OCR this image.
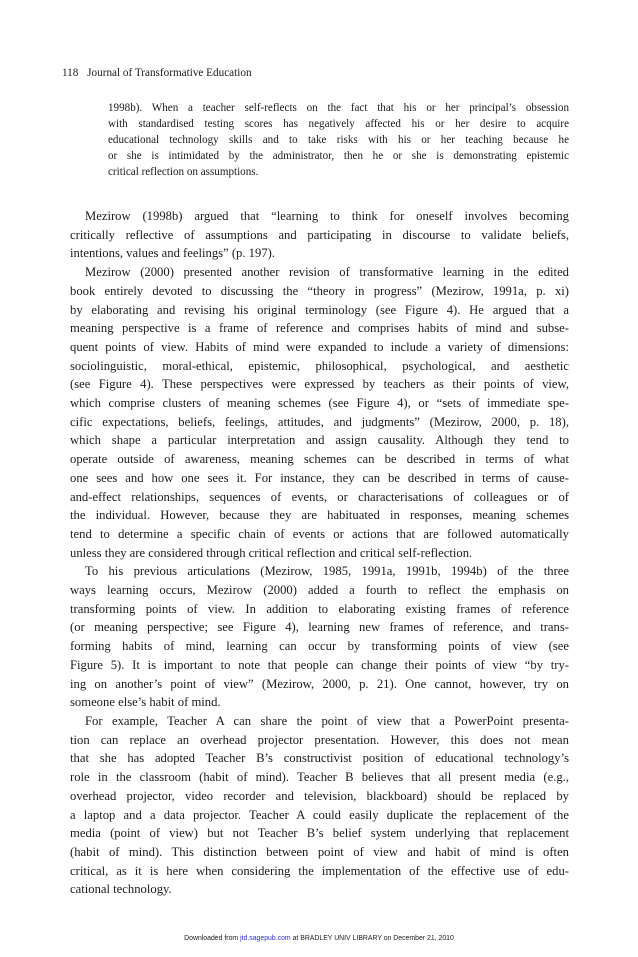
118 Journal of Transformative Education
1998b). When a teacher self-reflects on the fact that his or her principal’s obsession
with standardised testing scores has negatively affected his or her desire to acquire
educational technology skills and to take risks with his or her teaching because he
or she is intimidated by the administrator, then he or she is demonstrating epistemic
critical reflection on assumptions.
Mezirow (1998b) argued that “learning to think for oneself involves becoming
critically reflective of assumptions and participating in discourse to validate beliefs,
intentions, values and feelings” (p. 197).
Mezirow (2000) presented another revision of transformative learning in the edited
book entirely devoted to discussing the “theory in progress” (Mezirow, 1991a, p. xi)
by elaborating and revising his original terminology (see Figure 4). He argued that a
meaning perspective is a frame of reference and comprises habits of mind and subse-
quent points of view. Habits of mind were expanded to include a variety of dimensions:
sociolinguistic, moral-ethical, epistemic, philosophical, psychological, and aesthetic
(see Figure 4). These perspectives were expressed by teachers as their points of view,
which comprise clusters of meaning schemes (see Figure 4), or “sets of immediate spe-
cific expectations, beliefs, feelings, attitudes, and judgments” (Mezirow, 2000, p. 18),
which shape a particular interpretation and assign causality. Although they tend to
operate outside of awareness, meaning schemes can be described in terms of what
one sees and how one sees it. For instance, they can be described in terms of cause-
and-effect relationships, sequences of events, or characterisations of colleagues or of
the individual. However, because they are habituated in responses, meaning schemes
tend to determine a specific chain of events or actions that are followed automatically
unless they are considered through critical reflection and critical self-reflection.
To his previous articulations (Mezirow, 1985, 1991a, 1991b, 1994b) of the three
ways learning occurs, Mezirow (2000) added a fourth to reflect the emphasis on
transforming points of view. In addition to elaborating existing frames of reference
(or meaning perspective; see Figure 4), learning new frames of reference, and trans-
forming habits of mind, learning can occur by transforming points of view (see
Figure 5). It is important to note that people can change their points of view “by try-
ing on another’s point of view” (Mezirow, 2000, p. 21). One cannot, however, try on
someone else’s habit of mind.
For example, Teacher A can share the point of view that a PowerPoint presenta-
tion can replace an overhead projector presentation. However, this does not mean
that she has adopted Teacher B’s constructivist position of educational technology’s
role in the classroom (habit of mind). Teacher B believes that all present media (e.g.,
overhead projector, video recorder and television, blackboard) should be replaced by
a laptop and a data projector. Teacher A could easily duplicate the replacement of the
media (point of view) but not Teacher B’s belief system underlying that replacement
(habit of mind). This distinction between point of view and habit of mind is often
critical, as it is here when considering the implementation of the effective use of edu-
cational technology.
Downloaded from jtd.sagepub.com at BRADLEY UNIV LIBRARY on December 21, 2010
